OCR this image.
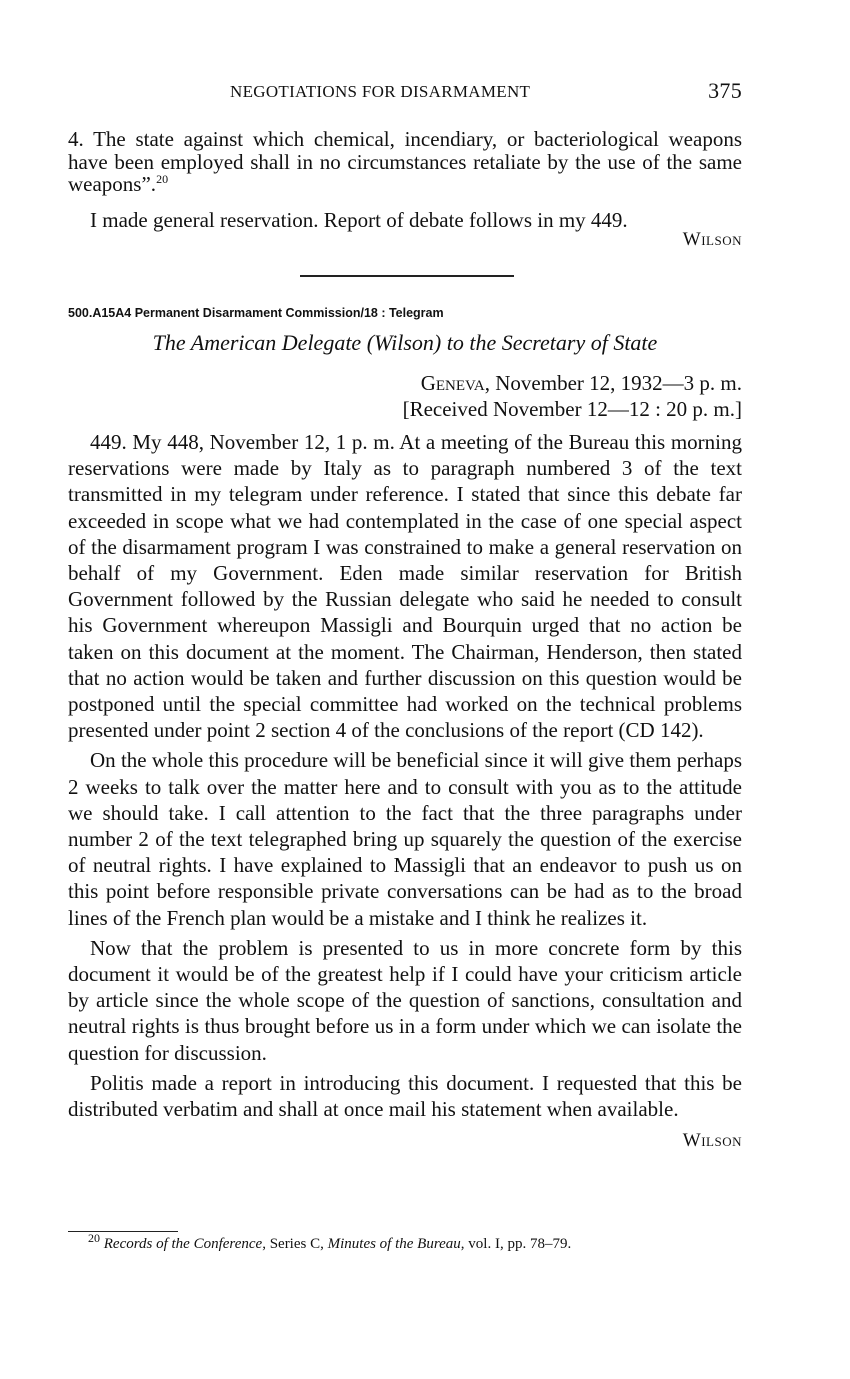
NEGOTIATIONS FOR DISARMAMENT	375

4. The state against which chemical, incendiary, or bacteriological weapons have been employed shall in no circumstances retaliate by the use of the same weapons”.$^{20}$

I made general reservation. Report of debate follows in my 449.

Wilson
500.A15A4 Permanent Disarmament Commission/18 : Telegram
The American Delegate (Wilson) to the Secretary of State
Geneva, November 12, 1932—3 p. m.
[Received November 12—12 : 20 p. m.]

449. My 448, November 12, 1 p. m. At a meeting of the Bureau this morning reservations were made by Italy as to paragraph numbered 3 of the text transmitted in my telegram under reference. I stated that since this debate far exceeded in scope what we had contemplated in the case of one special aspect of the disarmament program I was constrained to make a general reservation on behalf of my Government. Eden made similar reservation for British Government followed by the Russian delegate who said he needed to consult his Government whereupon Massigli and Bourquin urged that no action be taken on this document at the moment. The Chairman, Henderson, then stated that no action would be taken and further discussion on this question would be postponed until the special committee had worked on the technical problems presented under point 2 section 4 of the conclusions of the report (CD 142).

On the whole this procedure will be beneficial since it will give them perhaps 2 weeks to talk over the matter here and to consult with you as to the attitude we should take. I call attention to the fact that the three paragraphs under number 2 of the text telegraphed bring up squarely the question of the exercise of neutral rights. I have explained to Massigli that an endeavor to push us on this point before responsible private conversations can be had as to the broad lines of the French plan would be a mistake and I think he realizes it.

Now that the problem is presented to us in more concrete form by this document it would be of the greatest help if I could have your criticism article by article since the whole scope of the question of sanctions, consultation and neutral rights is thus brought before us in a form under which we can isolate the question for discussion.

Politis made a report in introducing this document. I requested that this be distributed verbatim and shall at once mail his statement when available.

Wilson
$^{20}$ Records of the Conference, Series C, Minutes of the Bureau, vol. I, pp. 78–79.
